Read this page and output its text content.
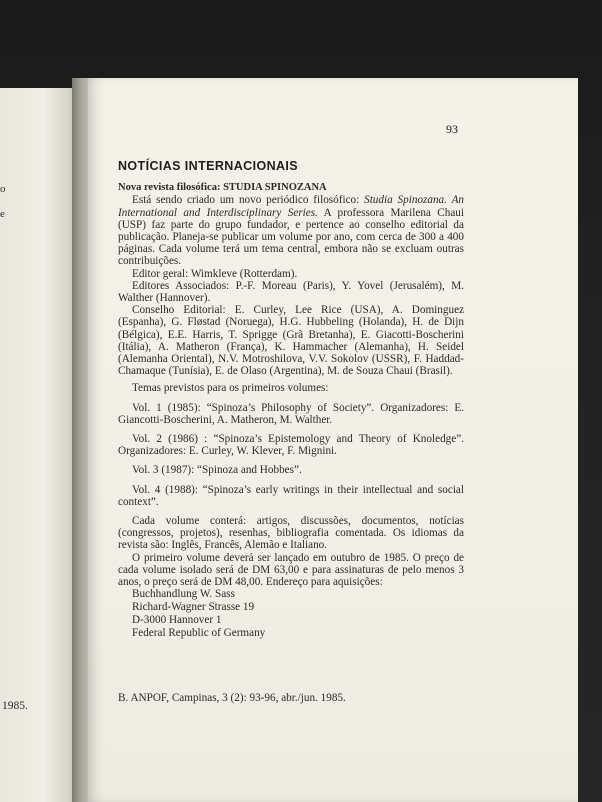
o
e
1985.
93
NOTÍCIAS INTERNACIONAIS

Nova revista filosófica: STUDIA SPINOZANA

Está sendo criado um novo periódico filosófico: Studia Spinozana. An International and Interdisciplinary Series. A professora Marilena Chaui (USP) faz parte do grupo fundador, e pertence ao conselho editorial da publicação. Planeja-se publicar um volume por ano, com cerca de 300 a 400 páginas. Cada volume terá um tema central, embora não se excluam outras contribuições.

Editor geral: Wimkleve (Rotterdam).

Editores Associados: P.-F. Moreau (Paris), Y. Yovel (Jerusalém), M. Walther (Hannover).

Conselho Editorial: E. Curley, Lee Rice (USA), A. Dominguez (Espanha), G. Fløstad (Noruega), H.G. Hubbeling (Holanda), H. de Dijn (Bélgica), E.E. Harris, T. Sprigge (Grã Bretanha), E. Giacotti-Boscherini (Itália), A. Matheron (França), K. Hammacher (Alemanha), H. Seidel (Alemanha Oriental), N.V. Motroshilova, V.V. Sokolov (USSR), F. Haddad-Chamaque (Tunísia), E. de Olaso (Argentina), M. de Souza Chaui (Brasil).

Temas previstos para os primeiros volumes:

Vol. 1 (1985): “Spinoza’s Philosophy of Society”. Organizadores: E. Giancotti-Boscherini, A. Matheron, M. Walther.

Vol. 2 (1986) : “Spinoza’s Epistemology and Theory of Knoledge”. Organizadores: E. Curley, W. Klever, F. Mignini.

Vol. 3 (1987): “Spinoza and Hobbes”.

Vol. 4 (1988): “Spinoza’s early writings in their intellectual and social context”.

Cada volume conterá: artigos, discussões, documentos, notícias (congressos, projetos), resenhas, bibliografia comentada. Os idiomas da revista são: Inglês, Francês, Alemão e Italiano.

O primeiro volume deverá ser lançado em outubro de 1985. O preço de cada volume isolado será de DM 63,00 e para assinaturas de pelo menos 3 anos, o preço será de DM 48,00. Endereço para aquisições:

Buchhandlung W. Sass
Richard-Wagner Strasse 19
D-3000 Hannover 1
Federal Republic of Germany
B. ANPOF, Campinas, 3 (2): 93-96, abr./jun. 1985.
